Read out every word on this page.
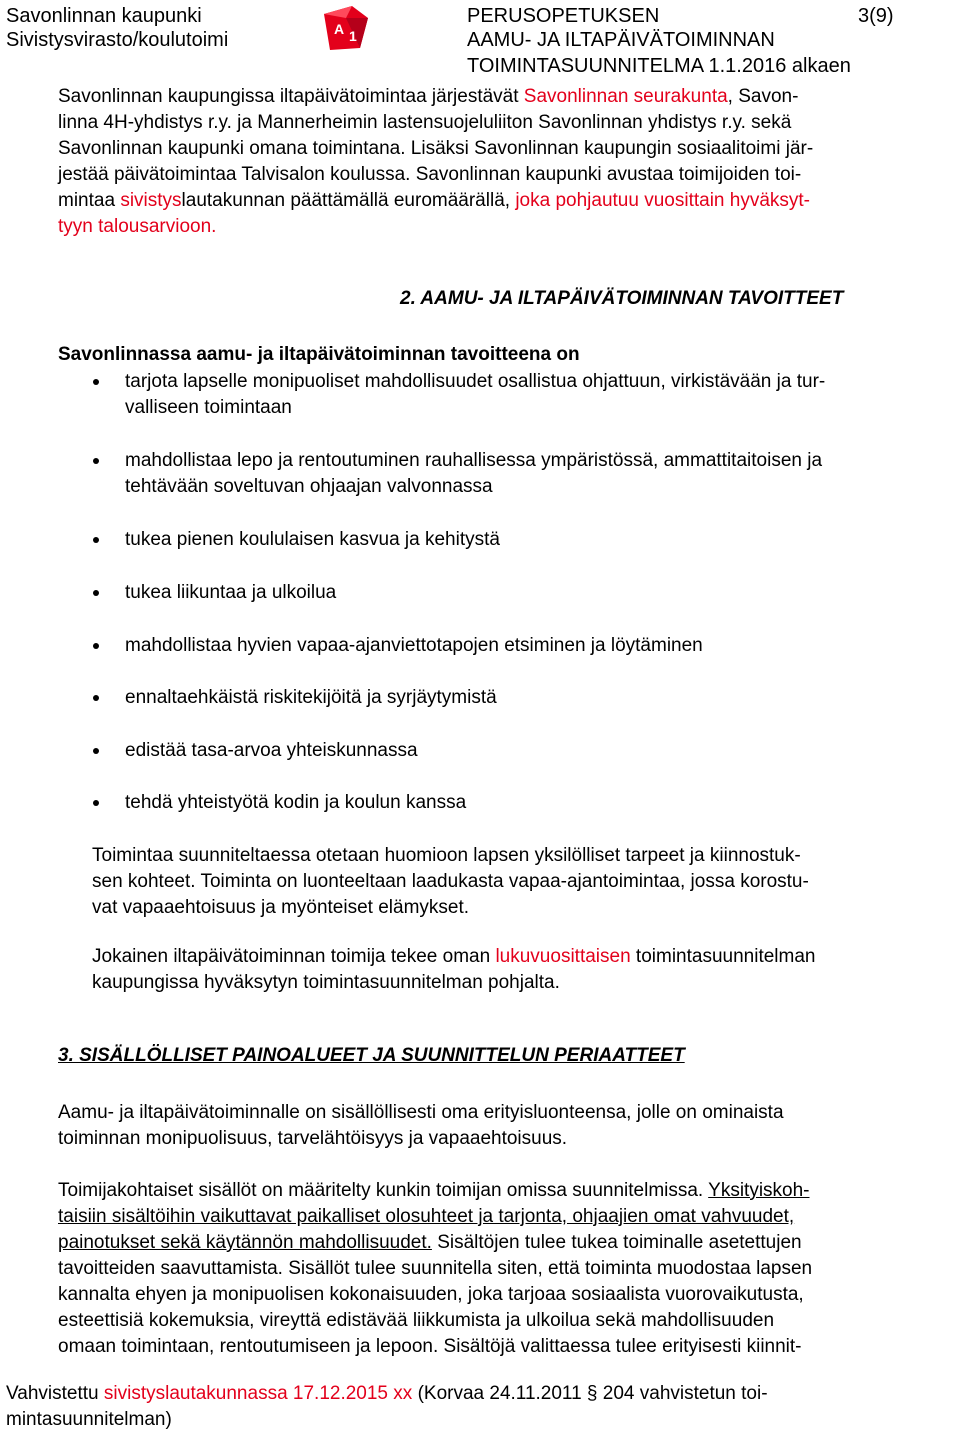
Savonlinnan kaupunki
Sivistysvirasto/koulutoimi	A 1
PERUSOPETUKSEN
AAMU- JA ILTAPÄIVÄTOIMINNAN
TOIMINTASUUNNITELMA 1.1.2016 alkaen
3(9)
Savonlinnan kaupungissa iltapäivätoimintaa järjestävät Savonlinnan seurakunta, Savon-
linna 4H-yhdistys r.y. ja Mannerheimin lastensuojeluliiton Savonlinnan yhdistys r.y. sekä
Savonlinnan kaupunki omana toimintana. Lisäksi Savonlinnan kaupungin sosiaalitoimi jär-
jestää päivätoimintaa Talvisalon koulussa. Savonlinnan kaupunki avustaa toimijoiden toi-
mintaa sivistyslautakunnan päättämällä euromäärällä, joka pohjautuu vuosittain hyväksyt-
tyyn talousarvioon.
2. AAMU- JA ILTAPÄIVÄTOIMINNAN TAVOITTEET
Savonlinnassa aamu- ja iltapäivätoiminnan tavoitteena on
tarjota lapselle monipuoliset mahdollisuudet osallistua ohjattuun, virkistävään ja tur-
valliseen toimintaan
mahdollistaa lepo ja rentoutuminen rauhallisessa ympäristössä, ammattitaitoisen ja
tehtävään soveltuvan ohjaajan valvonnassa
tukea pienen koululaisen kasvua ja kehitystä
tukea liikuntaa ja ulkoilua
mahdollistaa hyvien vapaa-ajanviettotapojen etsiminen ja löytäminen
ennaltaehkäistä riskitekijöitä ja syrjäytymistä
edistää tasa-arvoa yhteiskunnassa
tehdä yhteistyötä kodin ja koulun kanssa
Toimintaa suunniteltaessa otetaan huomioon lapsen yksilölliset tarpeet ja kiinnostuk-
sen kohteet. Toiminta on luonteeltaan laadukasta vapaa-ajantoimintaa, jossa korostu-
vat vapaaehtoisuus ja myönteiset elämykset.
Jokainen iltapäivätoiminnan toimija tekee oman lukuvuosittaisen toimintasuunnitelman
kaupungissa hyväksytyn toimintasuunnitelman pohjalta.
3. SISÄLLÖLLISET PAINOALUEET JA SUUNNITTELUN PERIAATTEET
Aamu- ja iltapäivätoiminnalle on sisällöllisesti oma erityisluonteensa, jolle on ominaista
toiminnan monipuolisuus, tarvelähtöisyys ja vapaaehtoisuus.
Toimijakohtaiset sisällöt on määritelty kunkin toimijan omissa suunnitelmissa. Yksityiskoh-
taisiin sisältöihin vaikuttavat paikalliset olosuhteet ja tarjonta, ohjaajien omat vahvuudet,
painotukset sekä käytännön mahdollisuudet. Sisältöjen tulee tukea toiminalle asetettujen
tavoitteiden saavuttamista. Sisällöt tulee suunnitella siten, että toiminta muodostaa lapsen
kannalta ehyen ja monipuolisen kokonaisuuden, joka tarjoaa sosiaalista vuorovaikutusta,
esteettisiä kokemuksia, vireyttä edistävää liikkumista ja ulkoilua sekä mahdollisuuden
omaan toimintaan, rentoutumiseen ja lepoon. Sisältöjä valittaessa tulee erityisesti kiinnit-
Vahvistettu sivistyslautakunnassa 17.12.2015 xx (Korvaa 24.11.2011 § 204 vahvistetun toi-
mintasuunnitelman)
